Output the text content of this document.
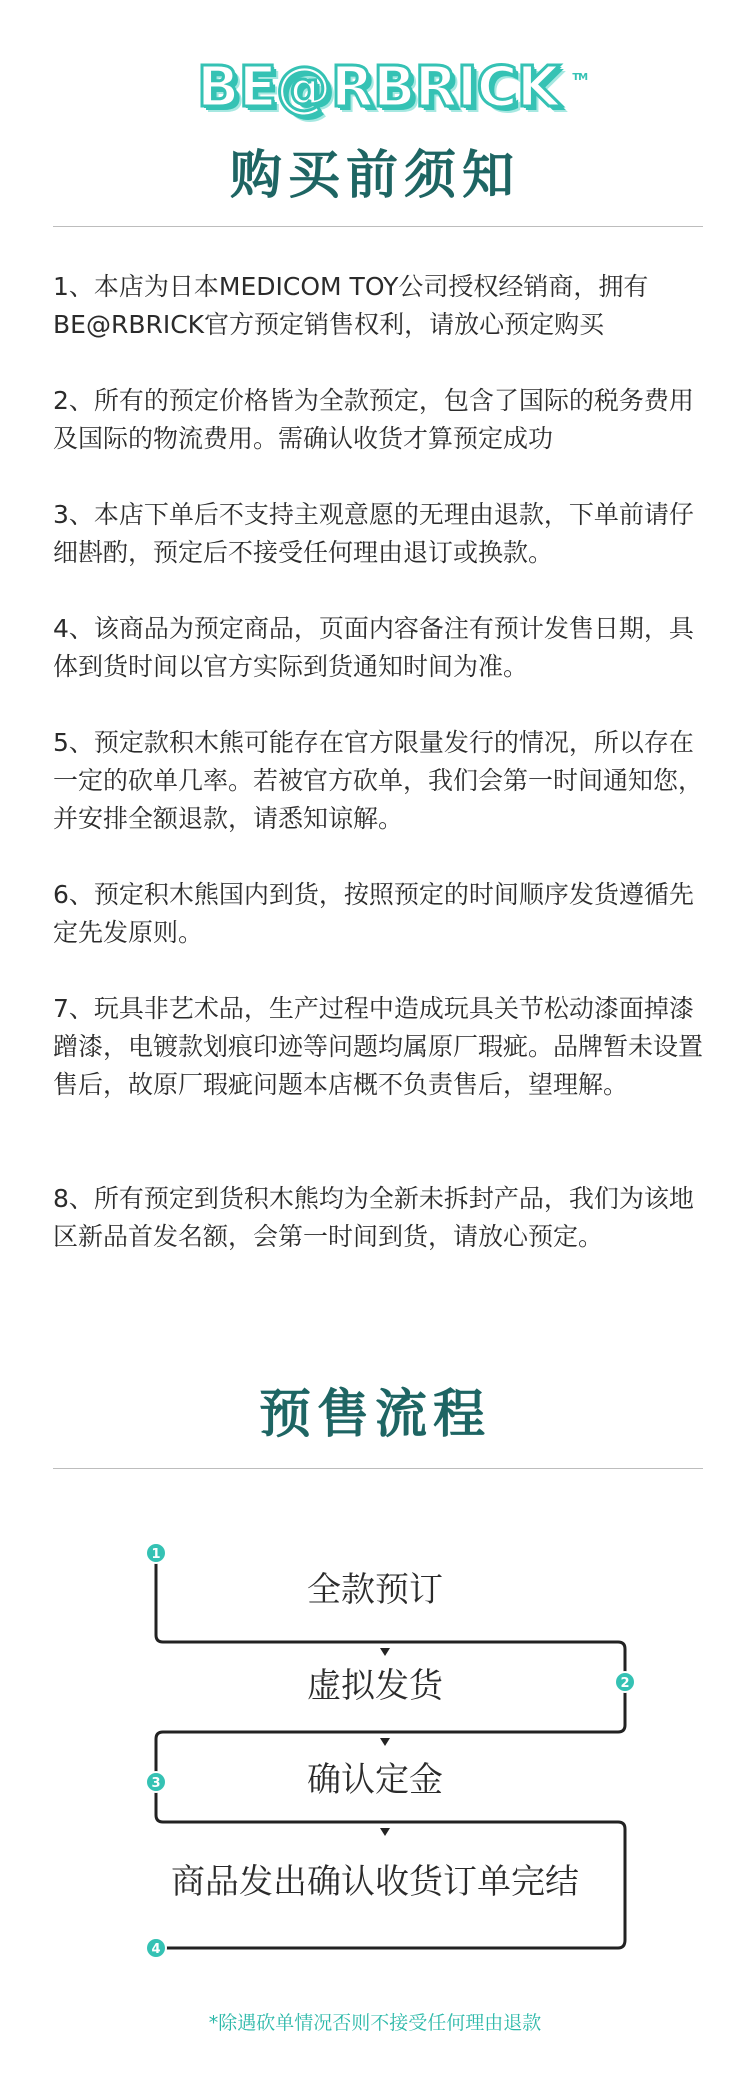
BE@RBRICK TM
购买前须知

1、本店为日本MEDICOM TOY公司授权经销商，拥有BE@RBRICK官方预定销售权利，请放心预定购买

2、所有的预定价格皆为全款预定，包含了国际的税务费用及国际的物流费用。需确认收货才算预定成功

3、本店下单后不支持主观意愿的无理由退款，下单前请仔细斟酌，预定后不接受任何理由退订或换款。

4、该商品为预定商品，页面内容备注有预计发售日期，具体到货时间以官方实际到货通知时间为准。

5、预定款积木熊可能存在官方限量发行的情况，所以存在一定的砍单几率。若被官方砍单，我们会第一时间通知您，并安排全额退款，请悉知谅解。

6、预定积木熊国内到货，按照预定的时间顺序发货遵循先定先发原则。

7、玩具非艺术品，生产过程中造成玩具关节松动漆面掉漆蹭漆，电镀款划痕印迹等问题均属原厂瑕疵。品牌暂未设置售后，故原厂瑕疵问题本店概不负责售后，望理解。

8、所有预定到货积木熊均为全新未拆封产品，我们为该地区新品首发名额，会第一时间到货，请放心预定。

预售流程
1
2
3
4

全款预订

虚拟发货

确认定金

商品发出确认收货订单完结

*除遇砍单情况否则不接受任何理由退款
